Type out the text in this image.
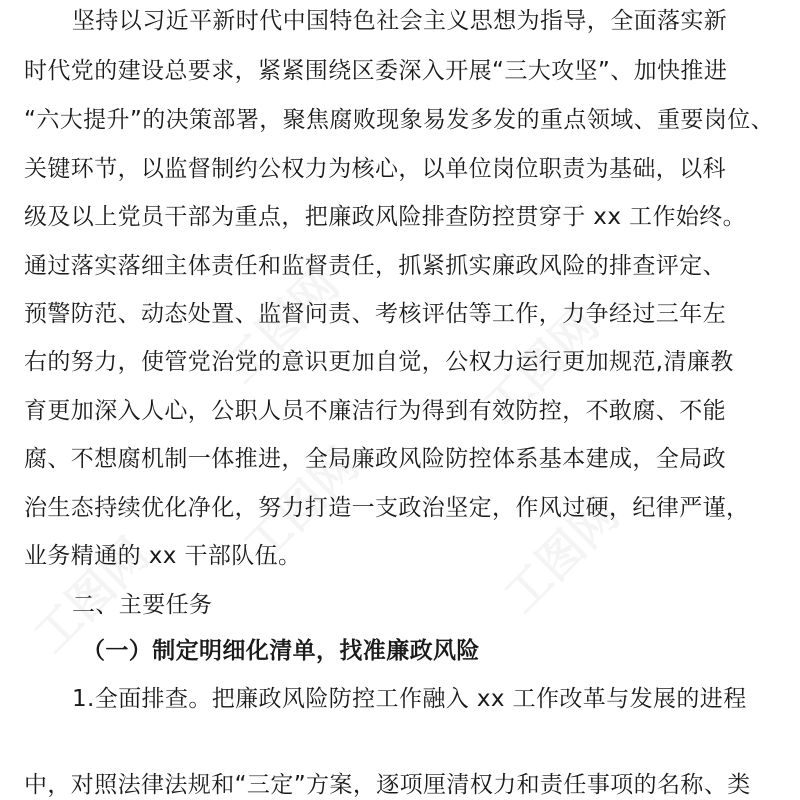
坚持以习近平新时代中国特色社会主义思想为指导，全面落实新
时代党的建设总要求，紧紧围绕区委深入开展“三大攻坚”、加快推进
“六大提升”的决策部署，聚焦腐败现象易发多发的重点领域、重要岗位、
关键环节，以监督制约公权力为核心，以单位岗位职责为基础，以科
级及以上党员干部为重点，把廉政风险排查防控贯穿于 xx 工作始终。
通过落实落细主体责任和监督责任，抓紧抓实廉政风险的排查评定、
预警防范、动态处置、监督问责、考核评估等工作，力争经过三年左
右的努力，使管党治党的意识更加自觉，公权力运行更加规范,清廉教
育更加深入人心，公职人员不廉洁行为得到有效防控，不敢腐、不能
腐、不想腐机制一体推进，全局廉政风险防控体系基本建成，全局政
治生态持续优化净化，努力打造一支政治坚定，作风过硬，纪律严谨，
业务精通的 xx 干部队伍。
二、主要任务
（一）制定明细化清单，找准廉政风险
1.全面排查。把廉政风险防控工作融入 xx 工作改革与发展的进程
中，对照法律法规和“三定”方案，逐项厘清权力和责任事项的名称、类
